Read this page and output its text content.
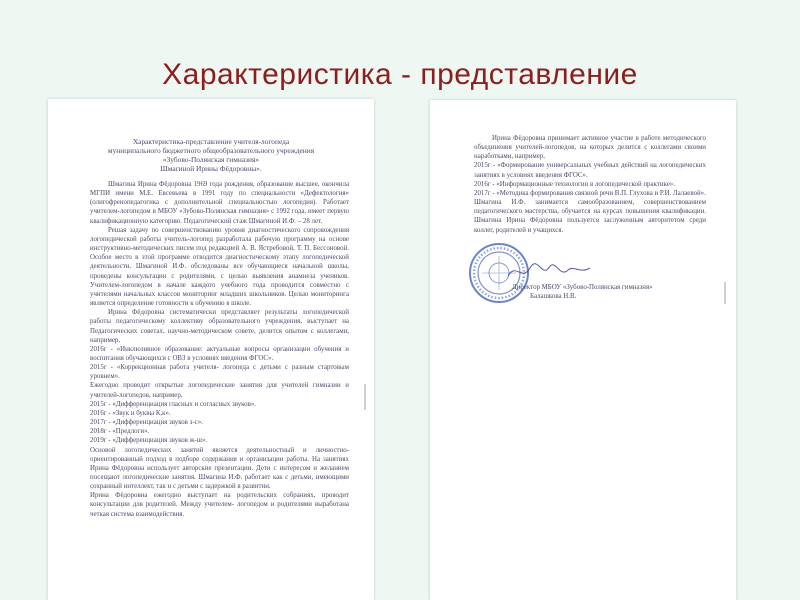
Характеристика - представление
Характеристика-представление учителя-логопеда
муниципального бюджетного общеобразовательного учреждения
«Зубово-Полянская гимназия»
Шмагиной Ирины Фёдоровны».

Шмагина Ирина Фёдоровна 1969 года рождения, образование высшее, окончила МГПИ имени М.Е. Евсевьева в 1991 году по специальности «Дефектология» (олигофренопедагогика с дополнительной специальностью логопедия). Работает учителем-логопедом в МБОУ «Зубово-Полянская гимназия» с 1992 года, имеет первую квалификационную категорию. Педагогический стаж Шмагиной И.Ф. – 28 лет.

Решая задачу по совершенствованию уровня диагностического сопровождения логопедической работы учитель-логопед разработала рабочую программу на основе инструктивно-методических писем под редакцией А. В. Ястребовой, Т. П. Бессоновой. Особое место в этой программе отводится диагностическому этапу логопедической деятельности. Шмагиной И.Ф. обследованы все обучающиеся начальной школы, проведены консультации с родителями, с целью выявления анамнеза учеников. Учителем-логопедом в начале каждого учебного года проводится совместно с учителями начальных классов мониторинг младших школьников. Целью мониторинга является определение готовности к обучению в школе.

Ирина Фёдоровна систематически представляет результаты логопедической работы педагогическому коллективу образовательного учреждения, выступает на Педагогических советах, научно-методическом совете, делится опытом с коллегами, например,

2016г - «Инклюзивное образование: актуальные вопросы организации обучения и воспитания обучающихся с ОВЗ в условиях введения ФГОС».

2015г - «Коррекционная работа учителя- логопеда с детьми с разным стартовым уровнем».

Ежегодно проводит открытые логопедические занятия для учителей гимназии и учителей-логопедов, например,

2015г - «Дифференциация гласных и согласных звуков».

2016г - «Звук и буквы К,к».

2017г - «Дифференциация звуков з-с».

2018г - «Предлоги».

2019г - «Дифференциация звуков ж-ш».

Основой логопедических занятий является деятельностный и личностно-ориентированный подход в подборе содержания и организации работы. На занятиях Ирина Фёдоровна использует авторские презентации. Дети с интересом и желанием посещают логопедические занятия. Шмагина И.Ф. работает как с детьми, имеющими сохранный интеллект, так и с детьми с задержкой в развитии.

Ирина Фёдоровна ежегодно выступает на родительских собраниях, проводит консультации для родителей. Между учителем- логопедом и родителями выработана четкая система взаимодействия.

Ирина Фёдоровна принимает активное участие в работе методического объединения учителей-логопедов, на которых делится с коллегами своими наработками, например,

2015г - «Формирование универсальных учебных действий на логопедических занятиях в условиях введения ФГОС».

2016г - «Информационные технологии в логопедической практике».

2017г - «Методика формирования связной речи В.П. Глухова и Р.И. Лалаевой».

Шмагина И.Ф. занимается самообразованием, совершенствованием педагогического мастерства, обучается на курсах повышения квалификации. Шмагина Ирина Фёдоровна пользуется заслуженным авторитетом среди коллег, родителей и учащихся.

Директор МБОУ «Зубово-Полянская гимназия»
Балашкова Н.В.
